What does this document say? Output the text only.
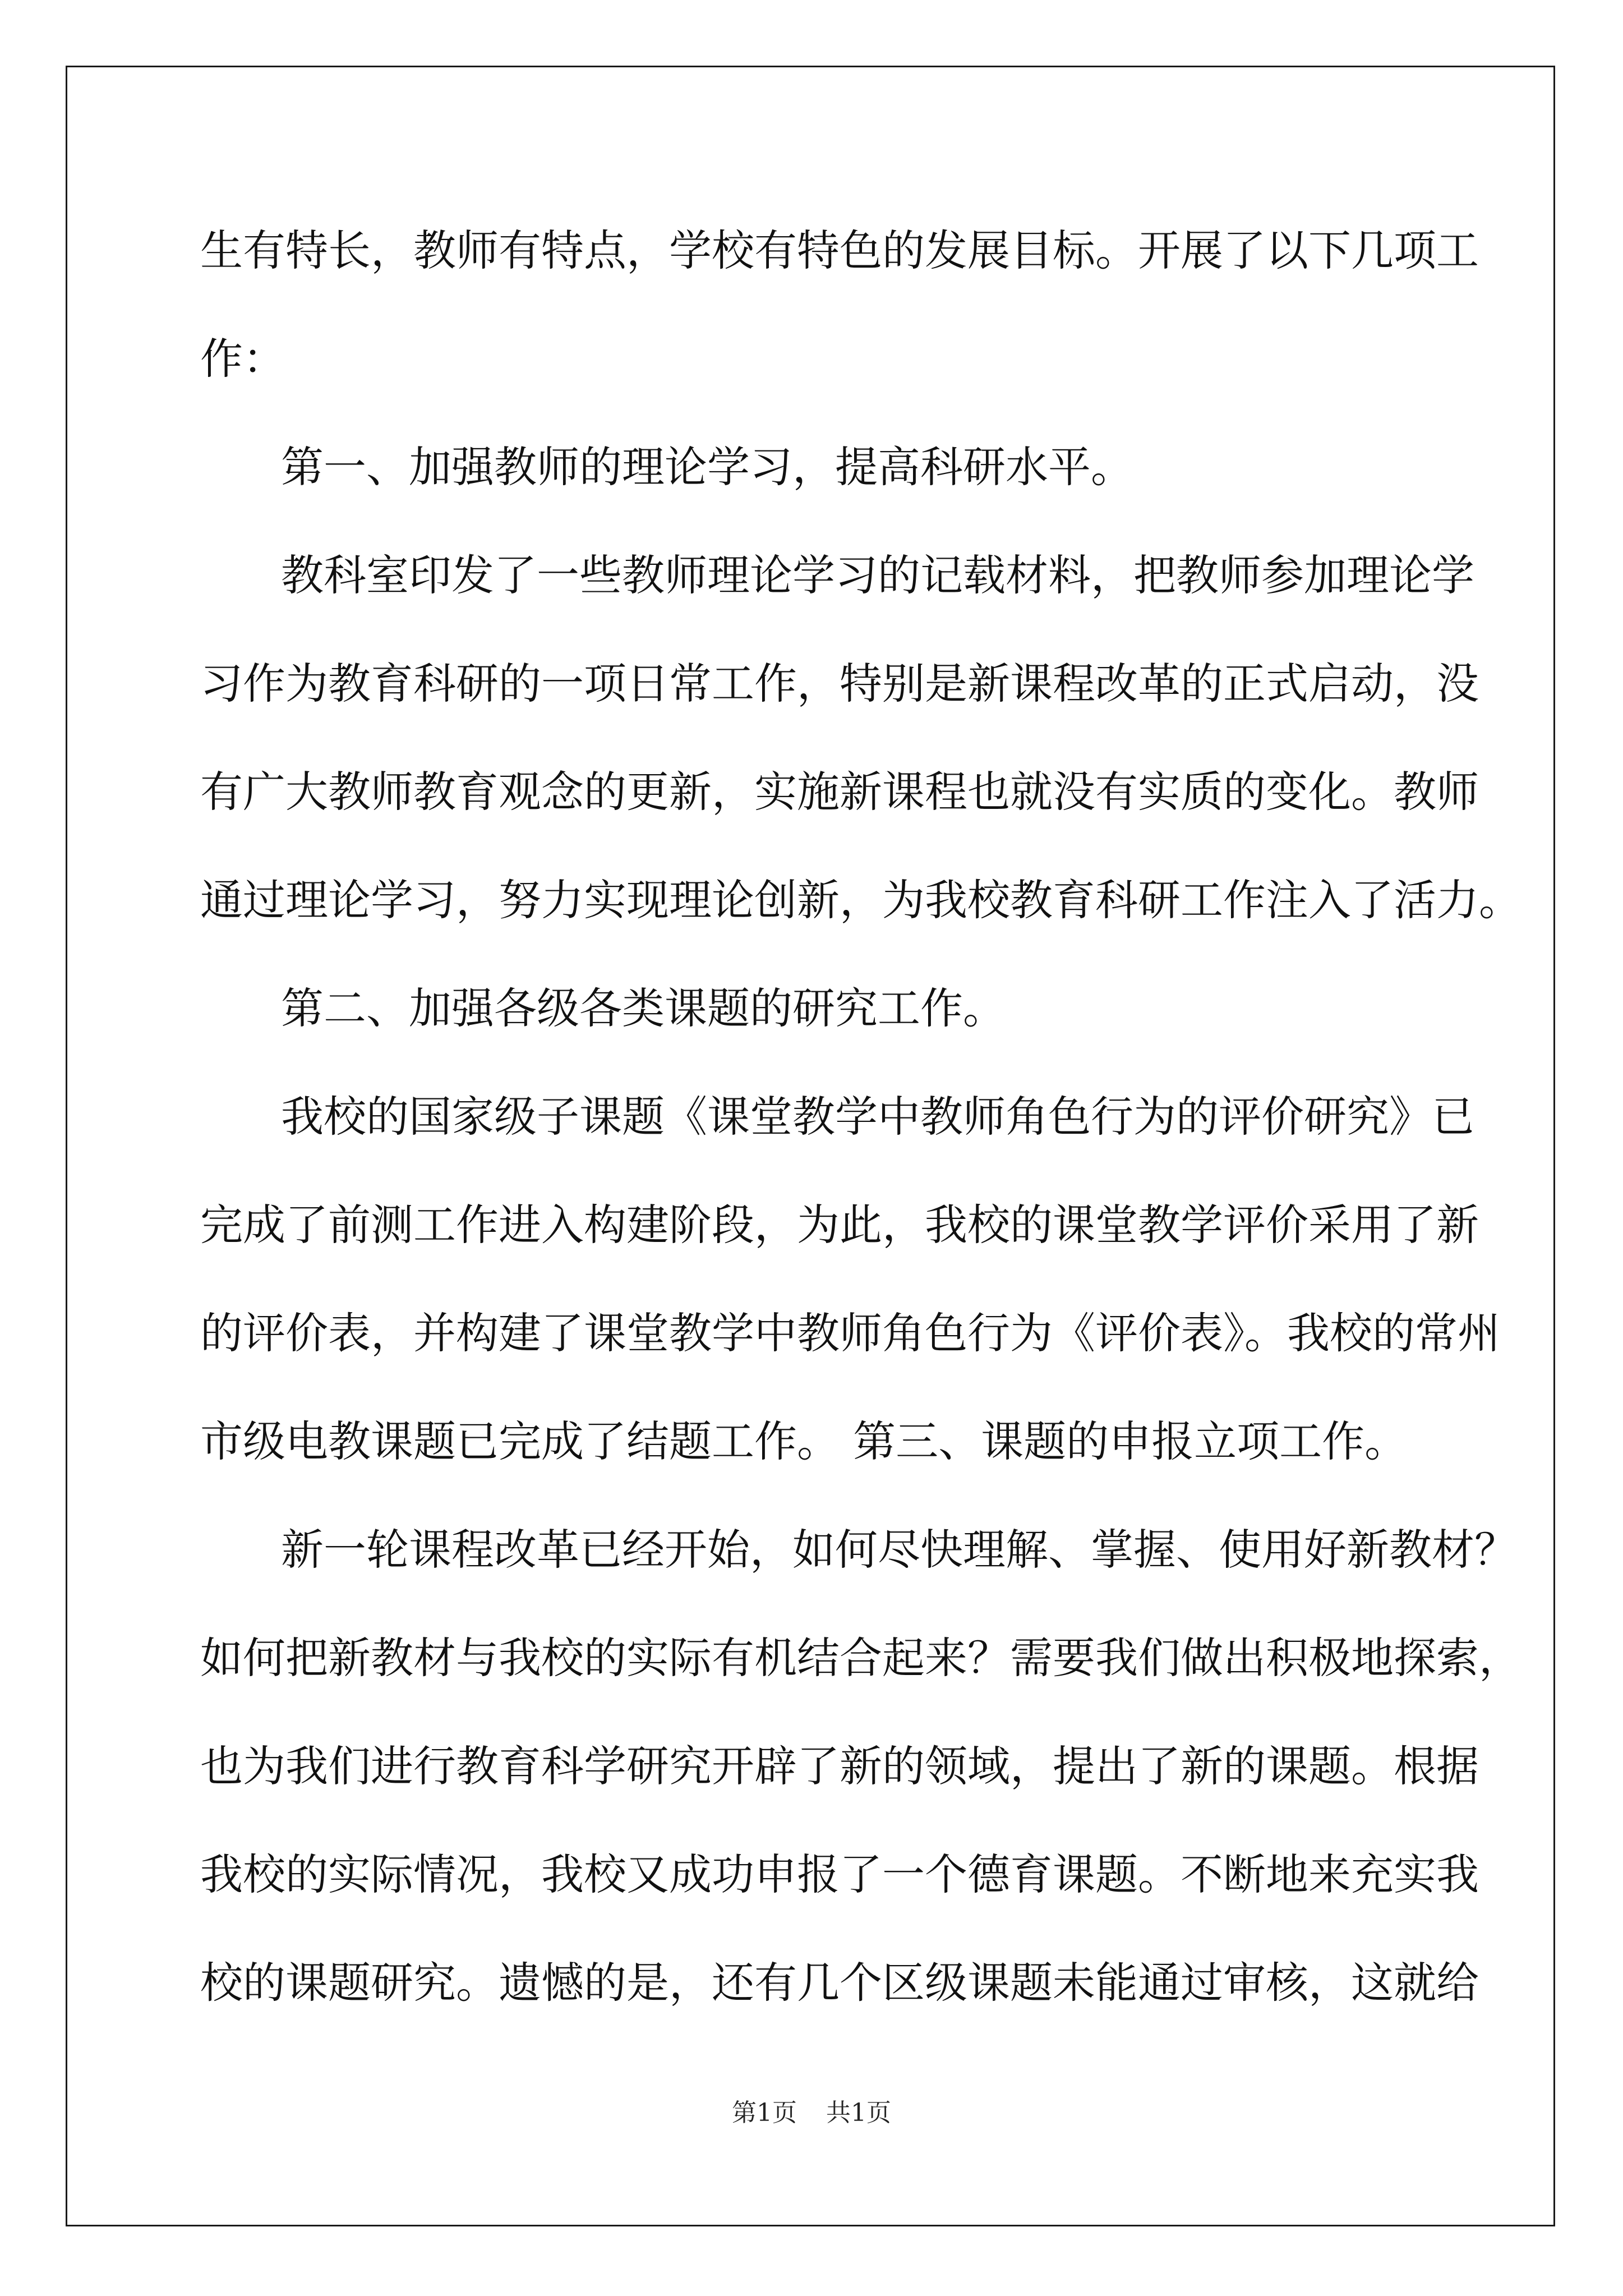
生有特长，教师有特点，学校有特色的发展目标。开展了以下几项工
作：
第一、加强教师的理论学习，提高科研水平。
教科室印发了一些教师理论学习的记载材料，把教师参加理论学
习作为教育科研的一项日常工作，特别是新课程改革的正式启动，没
有广大教师教育观念的更新，实施新课程也就没有实质的变化。教师
通过理论学习，努力实现理论创新，为我校教育科研工作注入了活力。
第二、加强各级各类课题的研究工作。
我校的国家级子课题《课堂教学中教师角色行为的评价研究》已
完成了前测工作进入构建阶段，为此，我校的课堂教学评价采用了新
的评价表，并构建了课堂教学中教师角色行为《评价表》。我校的常州
市级电教课题已完成了结题工作。 第三、课题的申报立项工作。
新一轮课程改革已经开始，如何尽快理解、掌握、使用好新教材？
如何把新教材与我校的实际有机结合起来？需要我们做出积极地探索，
也为我们进行教育科学研究开辟了新的领域，提出了新的课题。根据
我校的实际情况，我校又成功申报了一个德育课题。不断地来充实我
校的课题研究。遗憾的是，还有几个区级课题未能通过审核，这就给
第1页 共1页
